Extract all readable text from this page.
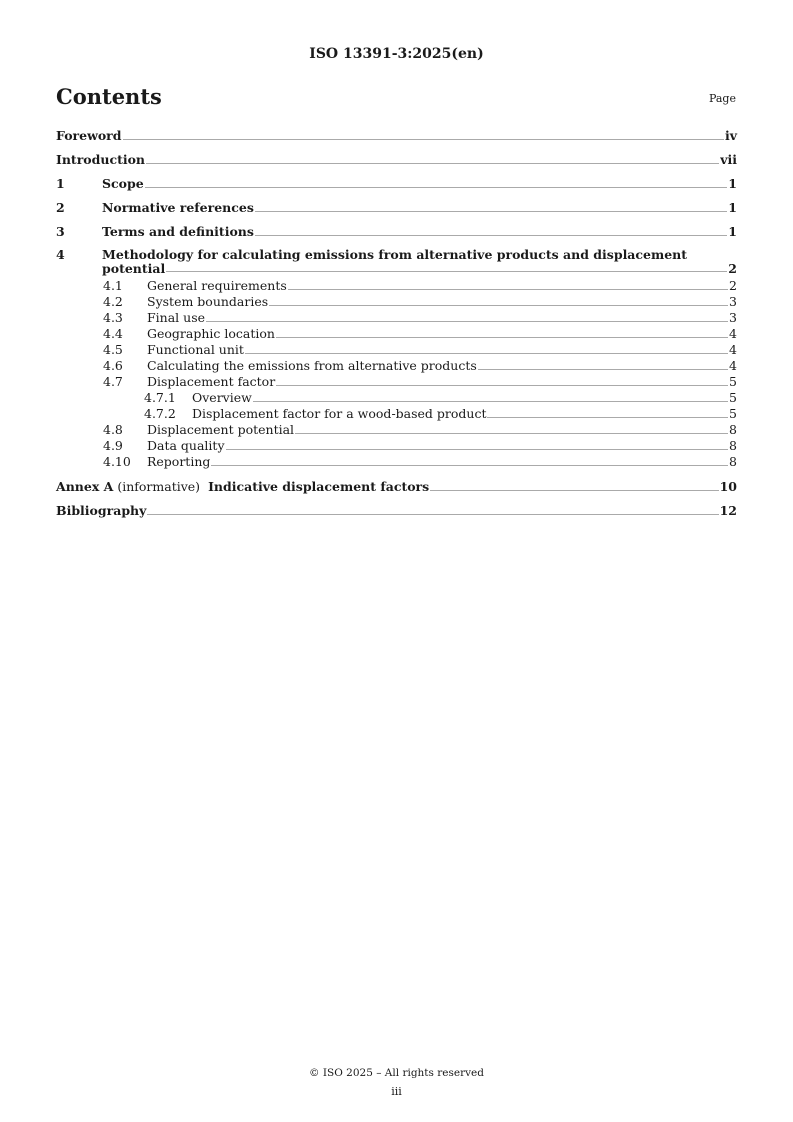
ISO 13391-3:2025(en)
Contents	Page
Foreword	iv
Introduction	vii
1	Scope	1
2	Normative references	1
3	Terms and definitions	1
4	Methodology for calculating emissions from alternative products and displacement
potential	2
4.1	General requirements	2
4.2	System boundaries	3
4.3	Final use	3
4.4	Geographic location	4
4.5	Functional unit	4
4.6	Calculating the emissions from alternative products	4
4.7	Displacement factor	5
4.7.1	Overview	5
4.7.2	Displacement factor for a wood-based product	5
4.8	Displacement potential	8
4.9	Data quality	8
4.10	Reporting	8
Annex A (informative) Indicative displacement factors	10
Bibliography	12
© ISO 2025 – All rights reserved
iii
